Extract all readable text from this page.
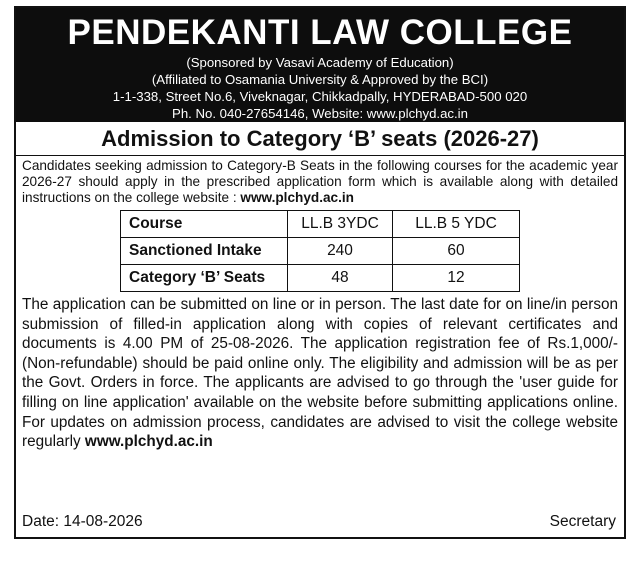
PENDEKANTI LAW COLLEGE
(Sponsored by Vasavi Academy of Education)
(Affiliated to Osamania University & Approved by the BCI)
1-1-338, Street No.6, Viveknagar, Chikkadpally, HYDERABAD-500 020
Ph. No. 040-27654146, Website: www.plchyd.ac.in
Admission to Category ‘B’ seats (2026-27)
Candidates seeking admission to Category-B Seats in the following courses for the academic year 2026-27 should apply in the prescribed application form which is available along with detailed instructions on the college website : www.plchyd.ac.in
Course	LL.B 3YDC	LL.B 5 YDC
Sanctioned Intake	240	60
Category ‘B’ Seats	48	12
The application can be submitted on line or in person. The last date for on line/in person submission of filled-in application along with copies of relevant certificates and documents is 4.00 PM of 25-08-2026. The application registration fee of Rs.1,000/- (Non-refundable) should be paid online only. The eligibility and admission will be as per the Govt. Orders in force. The applicants are advised to go through the 'user guide for filling on line application' available on the website before submitting applications online. For updates on admission process, candidates are advised to visit the college website regularly www.plchyd.ac.in
Date: 14-08-2026	Secretary
